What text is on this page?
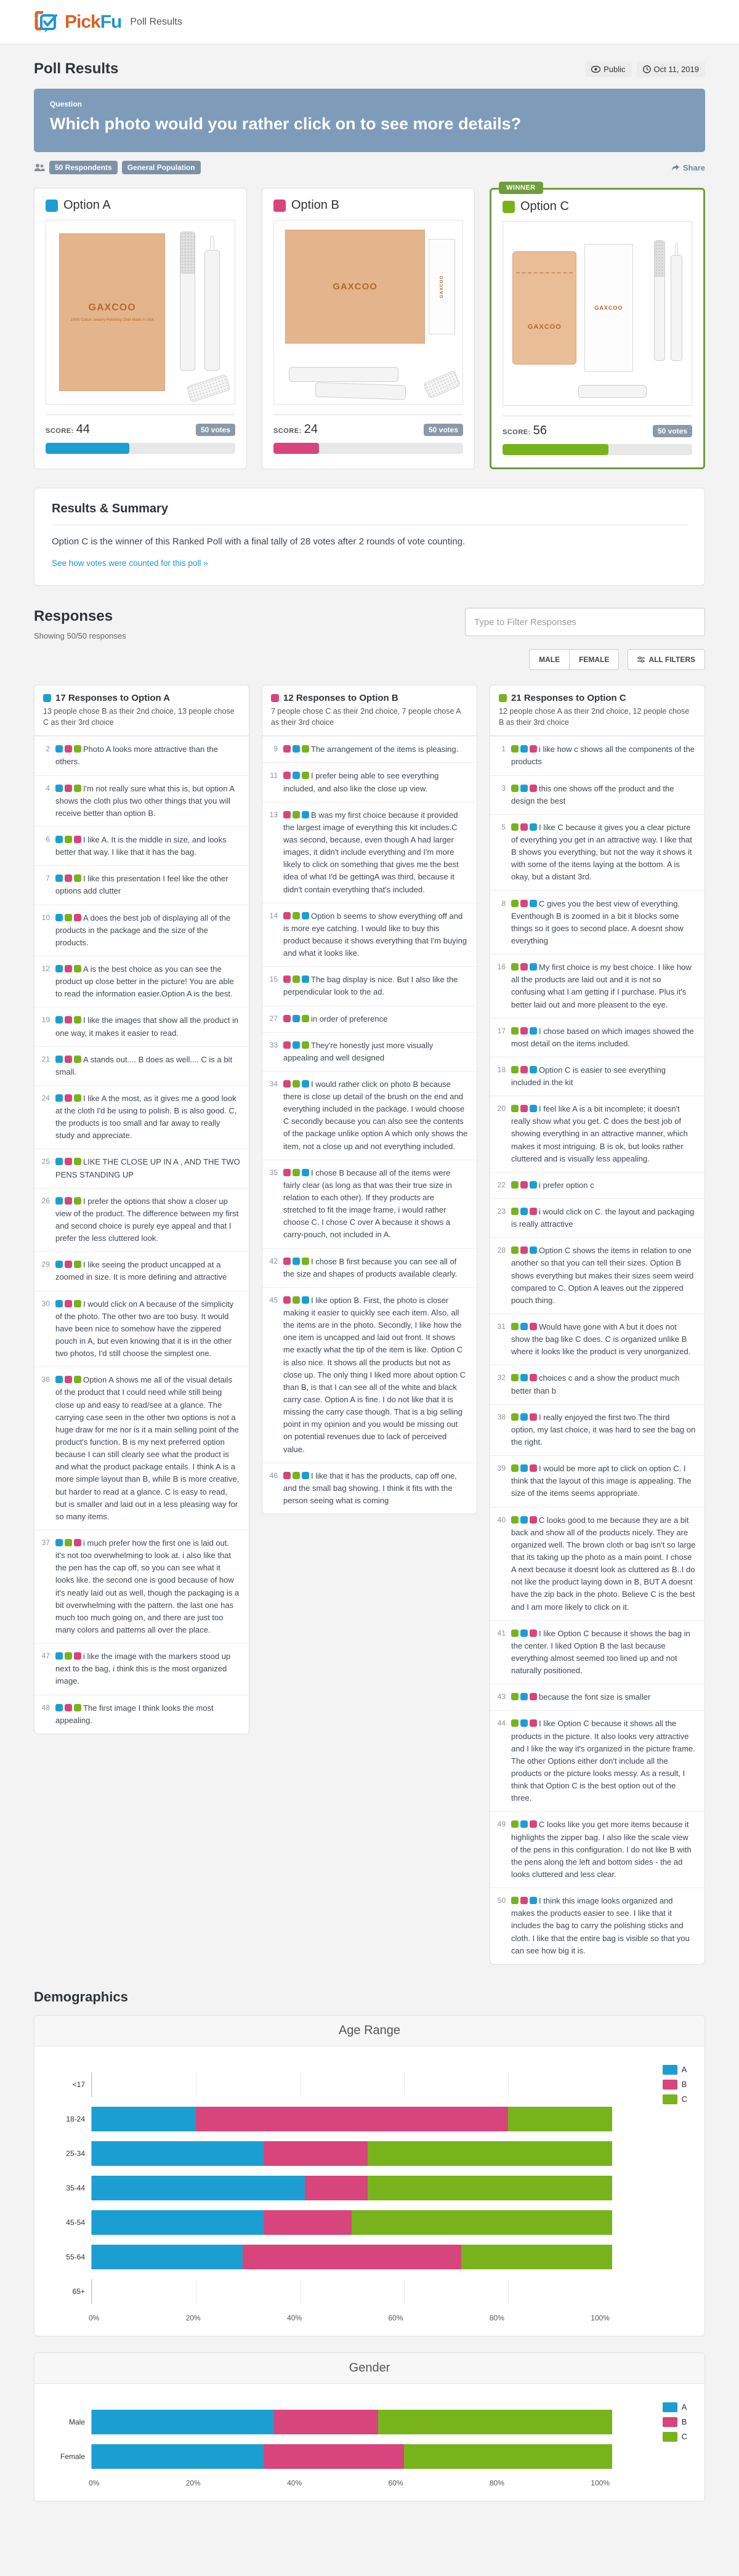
PickFu Poll Results
Poll Results	Public	Oct 11, 2019
Question
Which photo would you rather click on to see more details?
50 Respondents	General Population	Share
Option A
GAXCOO
100% Cotton Jewelry Polishing Cloth Made in USA
SCORE: 44	50 votes
Option B
GAXCOO	GAXCOO
SCORE: 24	50 votes
WINNER
Option C
GAXCOO
GAXCOO
SCORE: 56	50 votes
Results & Summary

Option C is the winner of this Ranked Poll with a final tally of 28 votes after 2 rounds of vote counting.

See how votes were counted for this poll »
Responses
Showing 50/50 responses
Type to Filter Responses
MALE	FEMALE	ALL FILTERS
17 Responses to Option A
13 people chose B as their 2nd choice, 13 people chose C as their 3rd choice
2	Photo A looks more attractive than the others.
4	I'm not really sure what this is, but option A shows the cloth plus two other things that you will receive better than option B.
6	I like A. It is the middle in size, and looks better that way. I like that it has the bag.
7	I like this presentation I feel like the other options add clutter
10	A does the best job of displaying all of the products in the package and the size of the products.
12	A is the best choice as you can see the product up close better in the picture! You are able to read the information easier.Option A is the best.
19	I like the images that show all the product in one way, it makes it easier to read.
21	A stands out.... B does as well.... C is a bit small.
24	I like A the most, as it gives me a good look at the cloth I'd be using to polish. B is also good. C, the products is too small and far away to really study and appreciate.
25	LIKE THE CLOSE UP IN A , AND THE TWO PENS STANDING UP
26	I prefer the options that show a closer up view of the product. The difference between my first and second choice is purely eye appeal and that I prefer the less cluttered look.
29	I like seeing the product uncapped at a zoomed in size. It is more defining and attractive
30	I would click on A because of the simplicity of the photo. The other two are too busy. It would have been nice to somehow have the zippered pouch in A, but even knowing that it is in the other two photos, I'd still choose the simplest one.
36	Option A shows me all of the visual details of the product that I could need while still being close up and easy to read/see at a glance. The carrying case seen in the other two options is not a huge draw for me nor is it a main selling point of the product's function. B is my next preferred option because I can still clearly see what the product is and what the product package entails. I think A is a more simple layout than B, while B is more creative, but harder to read at a glance. C is easy to read, but is smaller and laid out in a less pleasing way for so many items.
37	i much prefer how the first one is laid out. it's not too overwhelming to look at. i also like that the pen has the cap off, so you can see what it looks like. the second one is good because of how it's neatly laid out as well, though the packaging is a bit overwhelming with the pattern. the last one has much too much going on, and there are just too many colors and patterns all over the place.
47	i like the image with the markers stood up next to the bag, i think this is the most organized image.
48	The first image I think looks the most appealing.
12 Responses to Option B
7 people chose C as their 2nd choice, 7 people chose A as their 3rd choice
9	The arrangement of the items is pleasing.
11	I prefer being able to see everything included, and also like the close up view.
13	B was my first choice because it provided the largest image of everything this kit includes.C was second, because, even though A had larger images, it didn't include everything and I'm more likely to click on something that gives me the best idea of what I'd be gettingA was third, because it didn't contain everything that's included.
14	Option b seems to show everything off and is more eye catching. I would like to buy this product because it shows everything that I'm buying and what it looks like.
15	The bag display is nice. But I also like the perpendicular look to the ad.
27	in order of preference
33	They're honestly just more visually appealing and well designed
34	I would rather click on photo B because there is close up detail of the brush on the end and everything included in the package. I would choose C secondly because you can also see the contents of the package unlike option A which only shows the item, not a close up and not everything included.
35	I chose B because all of the items were fairly clear (as long as that was their true size in relation to each other). If they products are stretched to fit the image frame, i would rather choose C. I chose C over A because it shows a carry-pouch, not included in A.
42	I chose B first because you can see all of the size and shapes of products available clearly.
45	I like option B. First, the photo is closer making it easier to quickly see each item. Also, all the items are in the photo. Secondly, I like how the one item is uncapped and laid out front. It shows me exactly what the tip of the item is like. Option C is also nice. It shows all the products but not as close up. The only thing I liked more about option C than B, is that I can see all of the white and black carry case. Option A is fine. I do not like that it is missing the carry case though. That is a big selling point in my opinion and you would be missing out on potential revenues due to lack of perceived value.
46	I like that it has the products, cap off one, and the small bag showing. I think it fits with the person seeing what is coming
21 Responses to Option C
12 people chose A as their 2nd choice, 12 people chose B as their 3rd choice
1	i like how c shows all the components of the products
3	this one shows off the product and the design the best
5	I like C because it gives you a clear picture of everything you get in an attractive way. I like that B shows you everything, but not the way it shows it with some of the items laying at the bottom. A is okay, but a distant 3rd.
8	C gives you the best view of everything. Eventhough B is zoomed in a bit it blocks some things so it goes to second place. A doesnt show everything
16	My first choice is my best choice. I like how all the products are laid out and it is not so confusing what I am getting if I purchase. Plus it's better laid out and more pleasent to the eye.
17	I chose based on which images showed the most detail on the items included.
18	Option C is easier to see everything included in the kit
20	I feel like A is a bit incomplete; it doesn't really show what you get. C does the best job of showing everything in an attractive manner, which makes it most intriguing. B is ok, but looks rather cluttered and is visually less appealing.
22	i prefer option c
23	i would click on C. the layout and packaging is really attractive
28	Option C shows the items in relation to one another so that you can tell their sizes. Option B shows everything but makes their sizes seem weird compared to C. Option A leaves out the zippered pouch thing.
31	Would have gone with A but it does not show the bag like C does. C is organized unlike B where it looks like the product is very unorganized.
32	choices c and a show the product much better than b
38	I really enjoyed the first two.The third option, my last choice, it was hard to see the bag on the right.
39	I would be more apt to click on option C. I think that the layout of this image is appealing. The size of the items seems appropriate.
40	C looks good to me because they are a bit back and show all of the products nicely. They are organized well. The brown cloth or bag isn't so large that its taking up the photo as a main point. I chose A next because it doesnt look as cluttered as B..I do not like the product laying down in B, BUT A doesnt have the zip back in the photo. Believe C is the best and I am more likely to click on it.
41	I like Option C because it shows the bag in the center. I liked Option B the last because everything almost seemed too lined up and not naturally positioned.
43	because the font size is smaller
44	I like Option C because it shows all the products in the picture. It also looks very attractive and I like the way it's organized in the picture frame. The other Options either don't include all the products or the picture looks messy. As a result, I think that Option C is the best option out of the three.
49	C looks like you get more items because it highlights the zipper bag. I also like the scale view of the pens in this configuration. I do not like B with the pens along the left and bottom sides - the ad looks cluttered and less clear.
50	I think this image looks organized and makes the products easier to see. I like that it includes the bag to carry the polishing sticks and cloth. I like that the entire bag is visible so that you can see how big it is.
Demographics
Age Range
A
B
C
<17
18-24
25-34
35-44
45-54
55-64
65+
0%	20%	40%	60%	80%	100%
Gender
A
B
C
Male
Female
0%	20%	40%	60%	80%	100%
